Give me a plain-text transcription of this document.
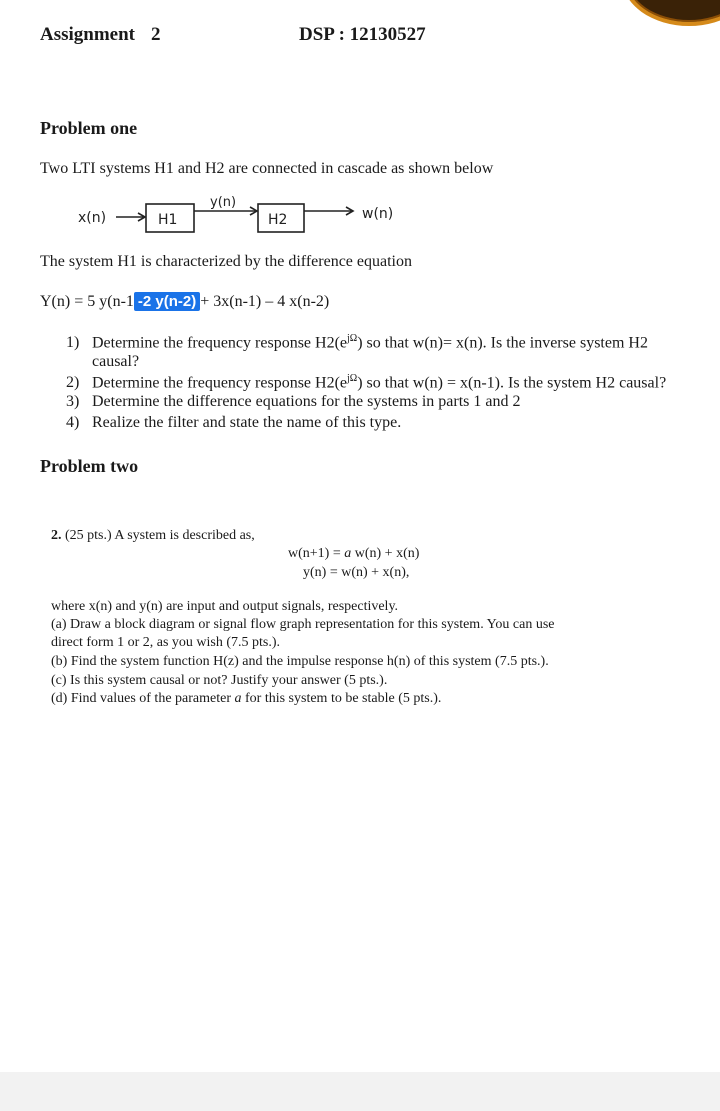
Assignment 2	DSP : 12130527
Problem one
Two LTI systems H1 and H2 are connected in cascade as shown below
x(n)	H1
y(n)
H2	w(n)
The system H1 is characterized by the difference equation
Y(n) = 5 y(n-1 -2 y(n-2) + 3x(n-1) – 4 x(n-2)
1) Determine the frequency response $H2(e^{j\Omega})$ so that w(n)= x(n). Is the inverse system H2
causal?
2) Determine the frequency response $H2(e^{j\Omega})$ so that w(n) = x(n-1). Is the system H2 causal?
3) Determine the difference equations for the systems in parts 1 and 2
4) Realize the filter and state the name of this type.
Problem two
2. (25 pts.) A system is described as,
w(n+1) = a w(n) + x(n)
y(n) = w(n) + x(n),
where x(n) and y(n) are input and output signals, respectively.
(a) Draw a block diagram or signal flow graph representation for this system. You can use
direct form 1 or 2, as you wish (7.5 pts.).
(b) Find the system function H(z) and the impulse response h(n) of this system (7.5 pts.).
(c) Is this system causal or not? Justify your answer (5 pts.).
(d) Find values of the parameter a for this system to be stable (5 pts.).
